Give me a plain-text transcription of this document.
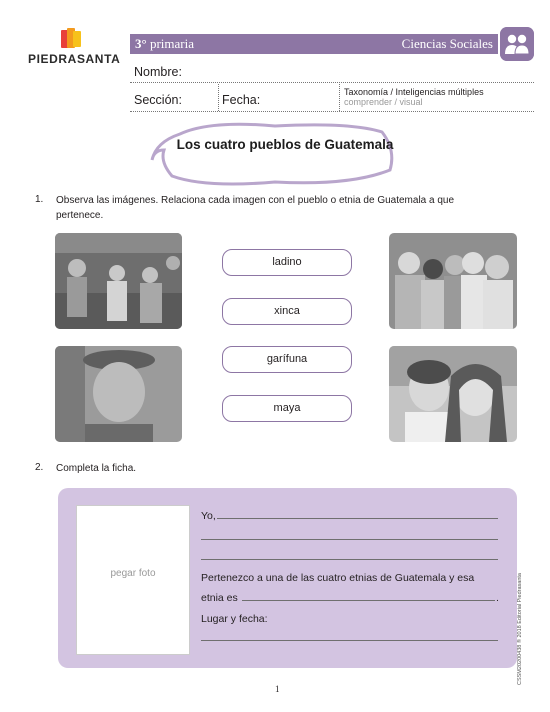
PIEDRASANTA
3° primaria	Ciencias Sociales
Nombre:
Sección:	Fecha:
Taxonomía / Inteligencias múltiples
comprender / visual
Los cuatro pueblos de Guatemala
1. Observa las imágenes. Relaciona cada imagen con el pueblo o etnia de Guatemala a que pertenece.
ladino
xinca
garífuna
maya
2. Completa la ficha.
pegar foto
Yo,
Pertenezco a una de las cuatro etnias de Guatemala y esa
etnia es	.
Lugar y fecha:	CSSM20200438 ® 2018 Editorial Piedrasanta
1
